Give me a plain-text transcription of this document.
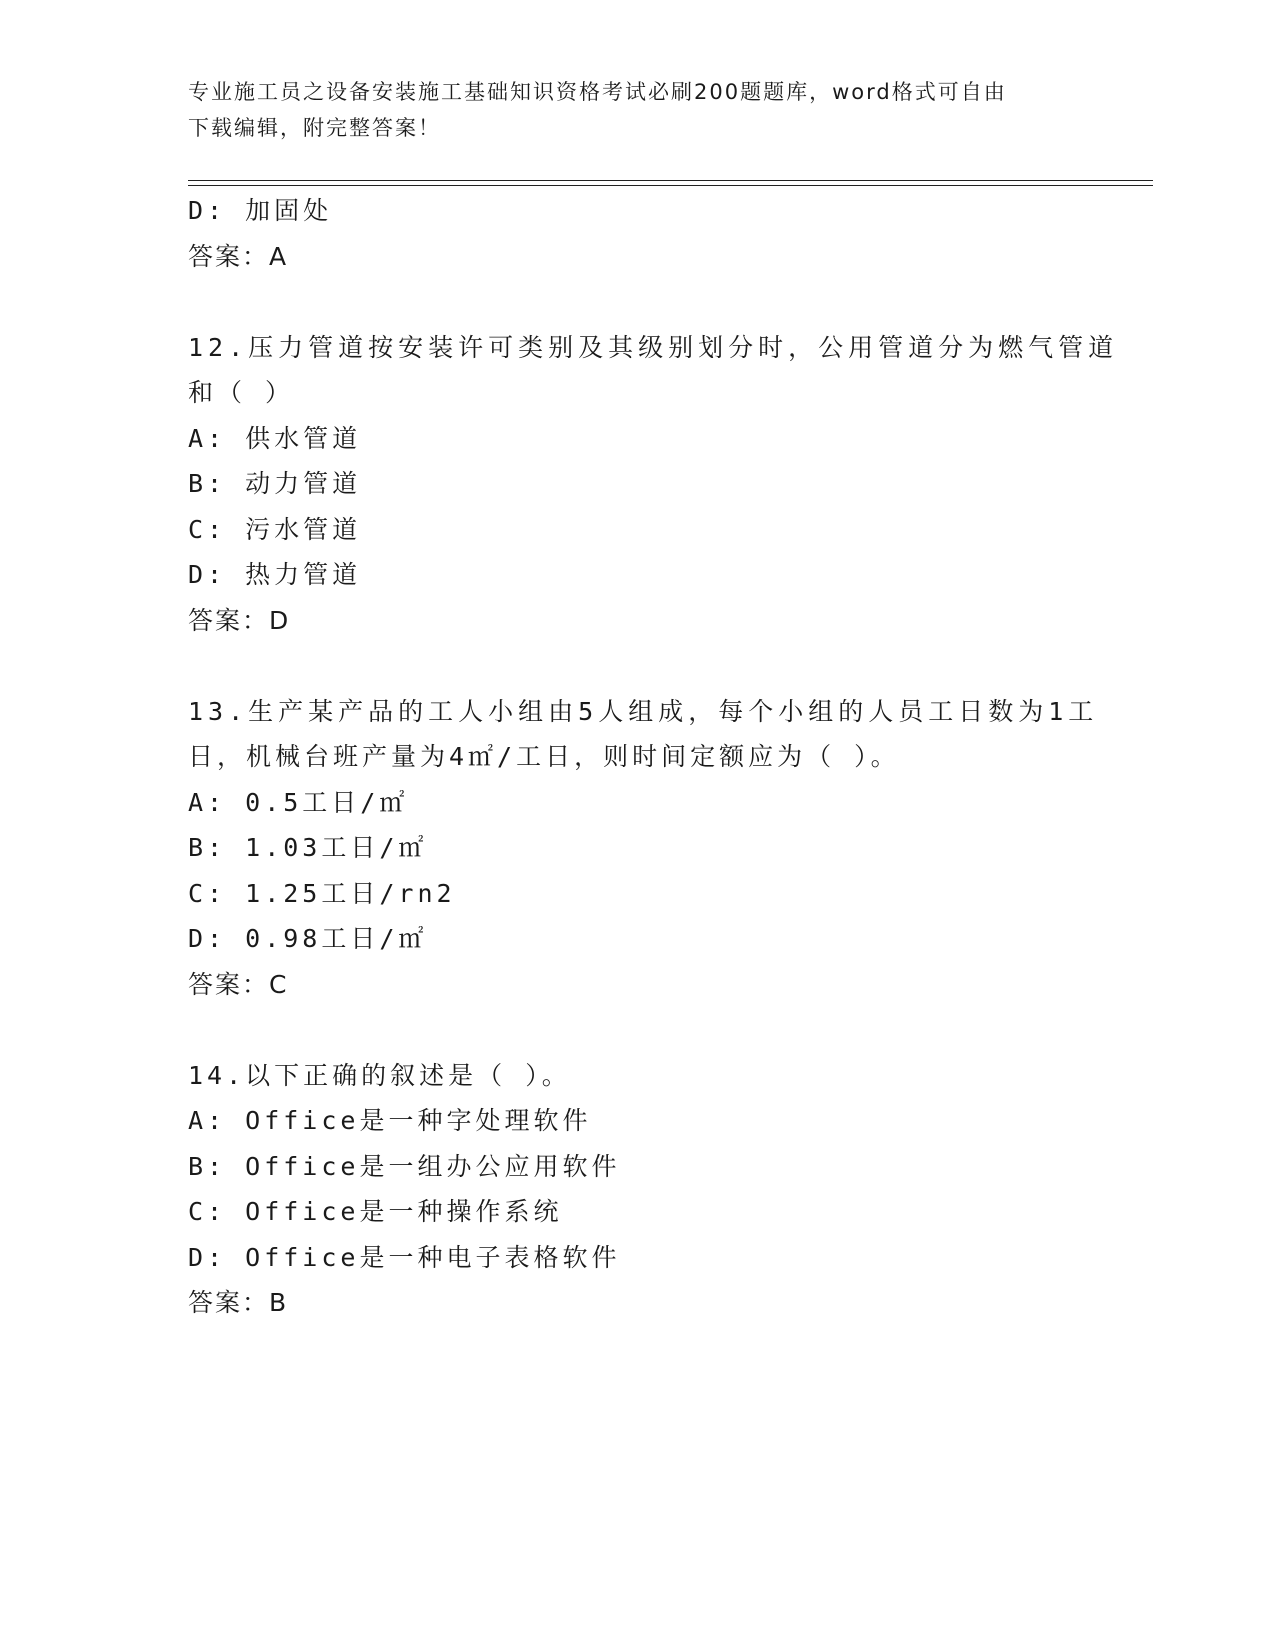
专业施工员之设备安装施工基础知识资格考试必刷200题题库，word格式可自由
下载编辑，附完整答案！
D: 加固处
答案：A
12.压力管道按安装许可类别及其级别划分时，公用管道分为燃气管道
和（ ）
A: 供水管道
B: 动力管道
C: 污水管道
D: 热力管道
答案：D
13.生产某产品的工人小组由5人组成，每个小组的人员工日数为1工
日，机械台班产量为4㎡/工日，则时间定额应为（ ）。
A: 0.5工日/㎡
B: 1.03工日/㎡
C: 1.25工日/rn2
D: 0.98工日/㎡
答案：C
14.以下正确的叙述是（ ）。
A: Office是一种字处理软件
B: Office是一组办公应用软件
C: Office是一种操作系统
D: Office是一种电子表格软件
答案：B
